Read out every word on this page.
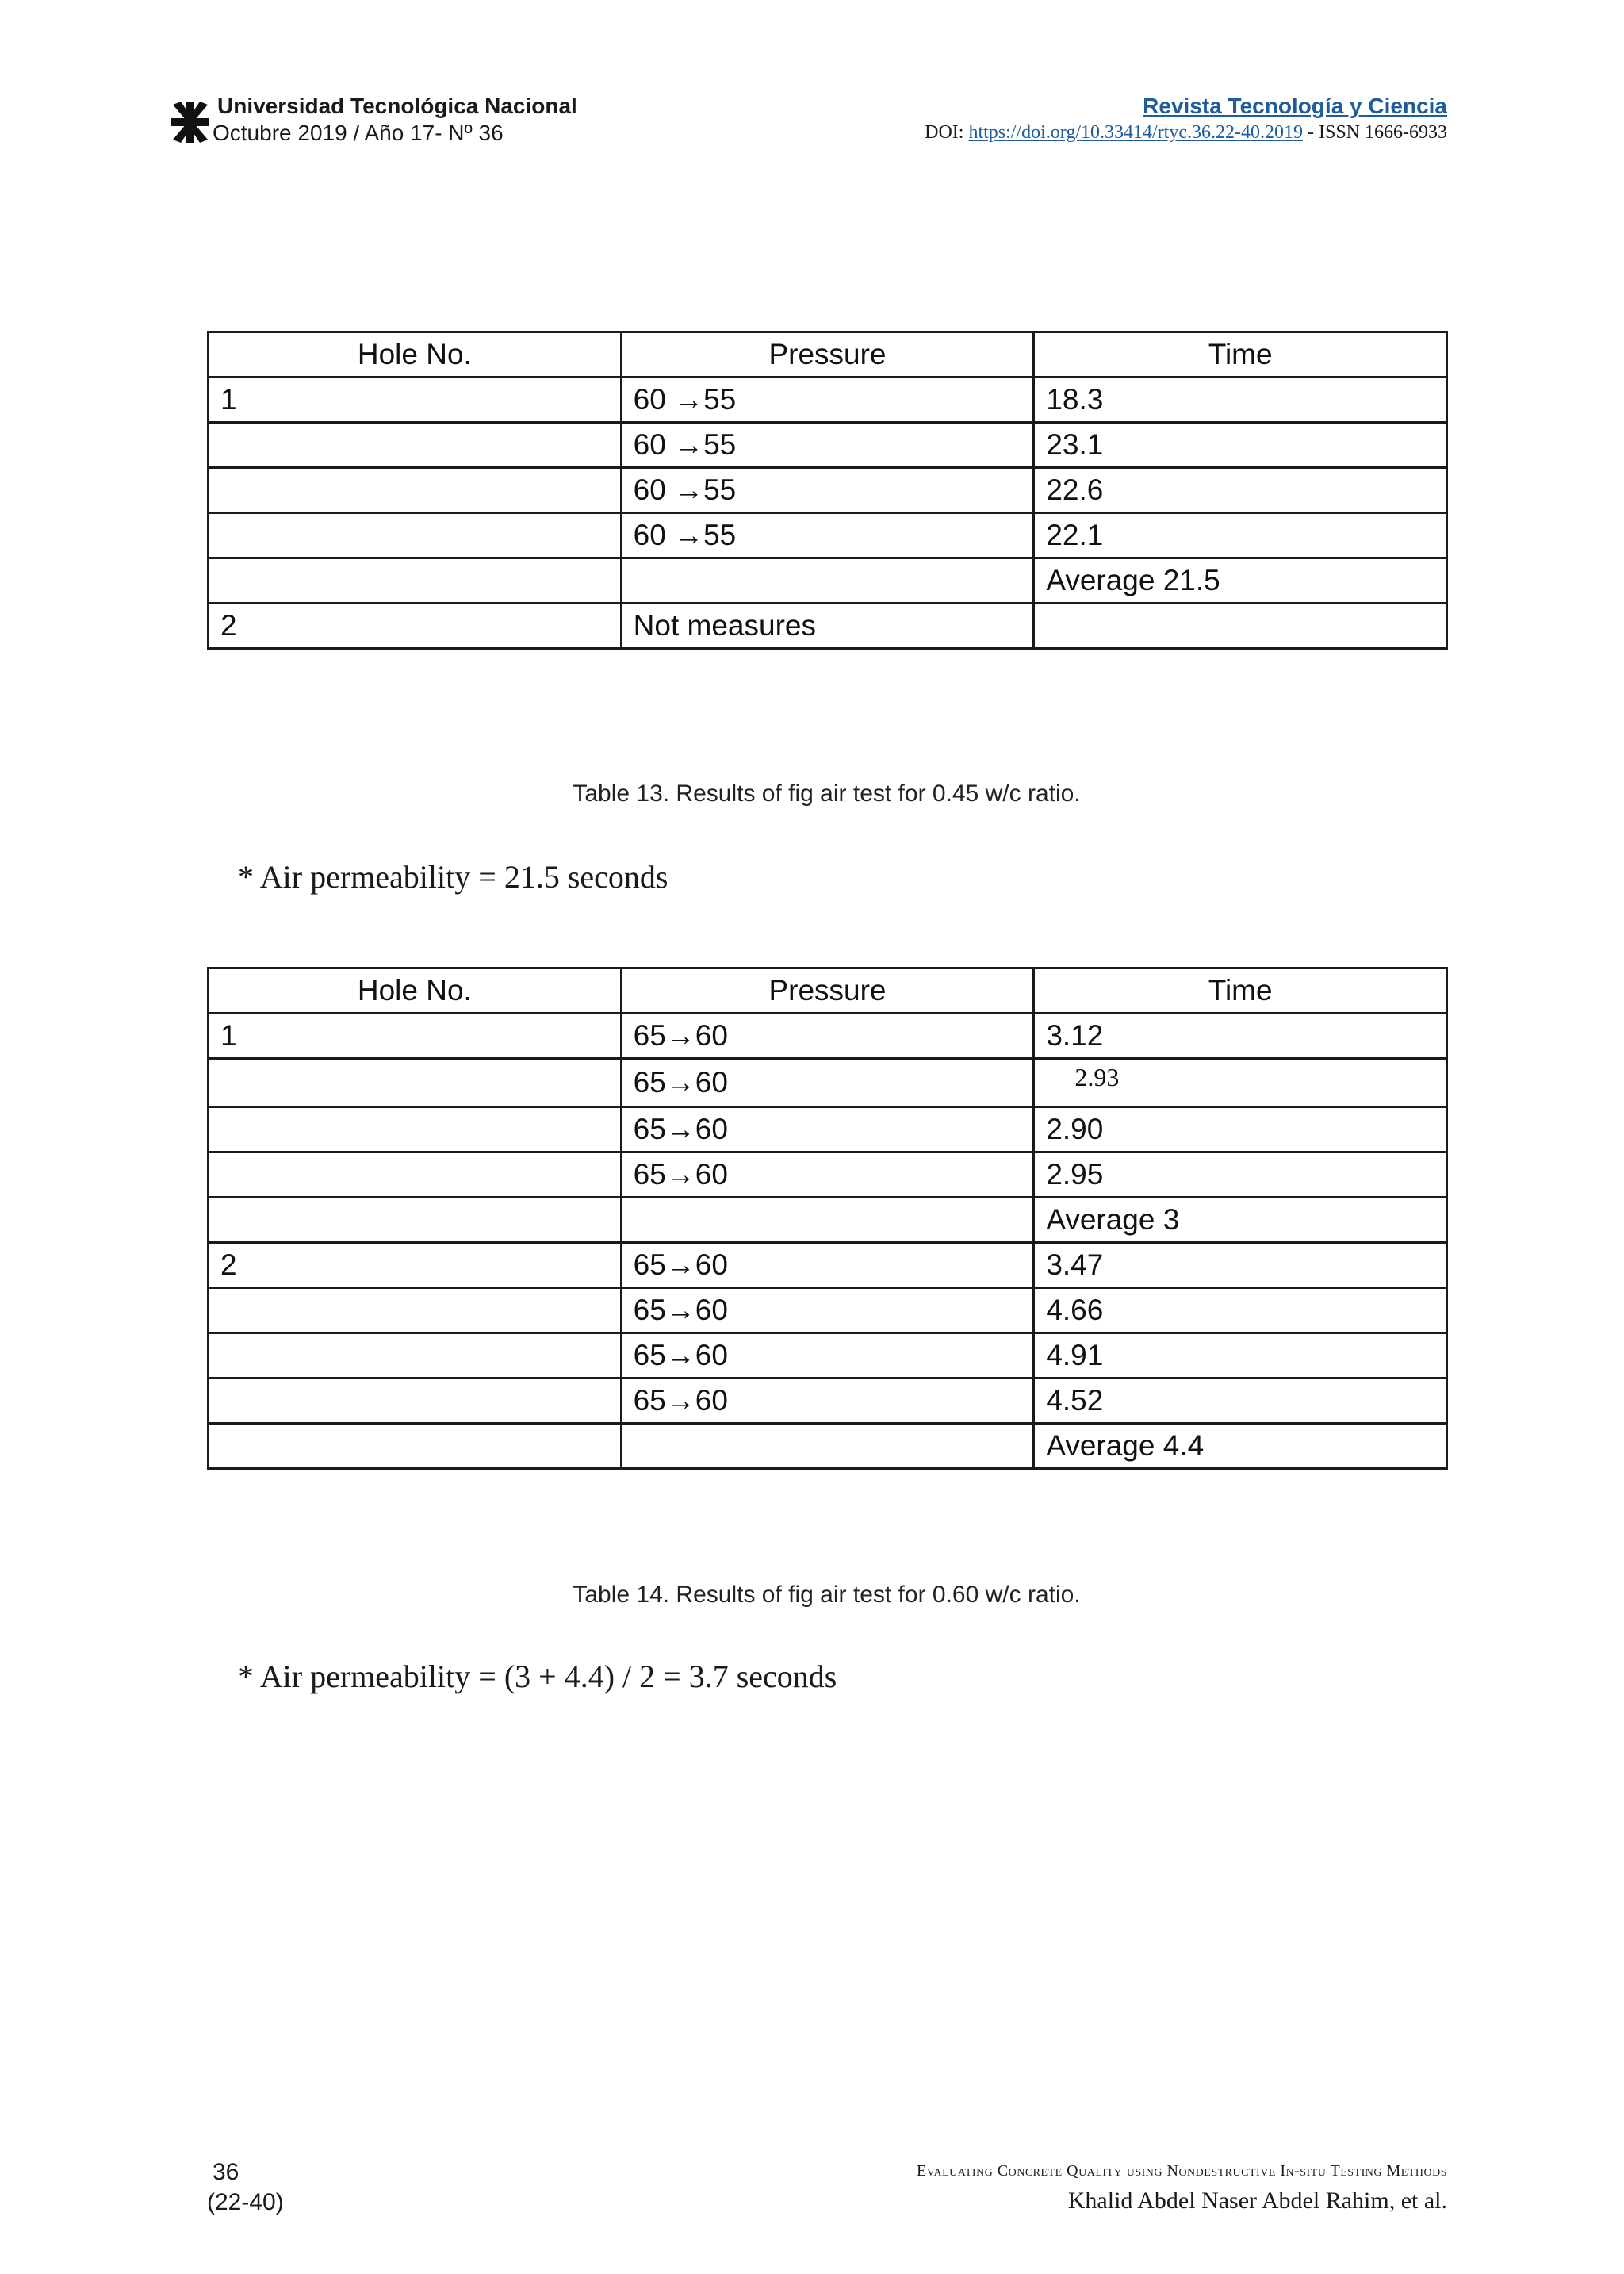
Universidad Tecnológica Nacional
Octubre 2019 / Año 17- Nº 36
Revista Tecnología y Ciencia
DOI: https://doi.org/10.33414/rtyc.36.22-40.2019 - ISSN 1666-6933
Hole No.	Pressure	Time
1	60 →55	18.3
	60 →55	23.1
	60 →55	22.6
	60 →55	22.1
		Average 21.5
2	Not measures	
Table 13. Results of fig air test for 0.45 w/c ratio.
* Air permeability = 21.5 seconds
Hole No.	Pressure	Time
1	65→60	3.12
	65→60	2.93
	65→60	2.90
	65→60	2.95
		Average 3
2	65→60	3.47
	65→60	4.66
	65→60	4.91
	65→60	4.52
		Average 4.4
Table 14. Results of fig air test for 0.60 w/c ratio.
* Air permeability = (3 + 4.4) / 2 = 3.7 seconds
36
(22-40)
Evaluating Concrete Quality using Nondestructive In-situ Testing Methods
Khalid Abdel Naser Abdel Rahim, et al.
